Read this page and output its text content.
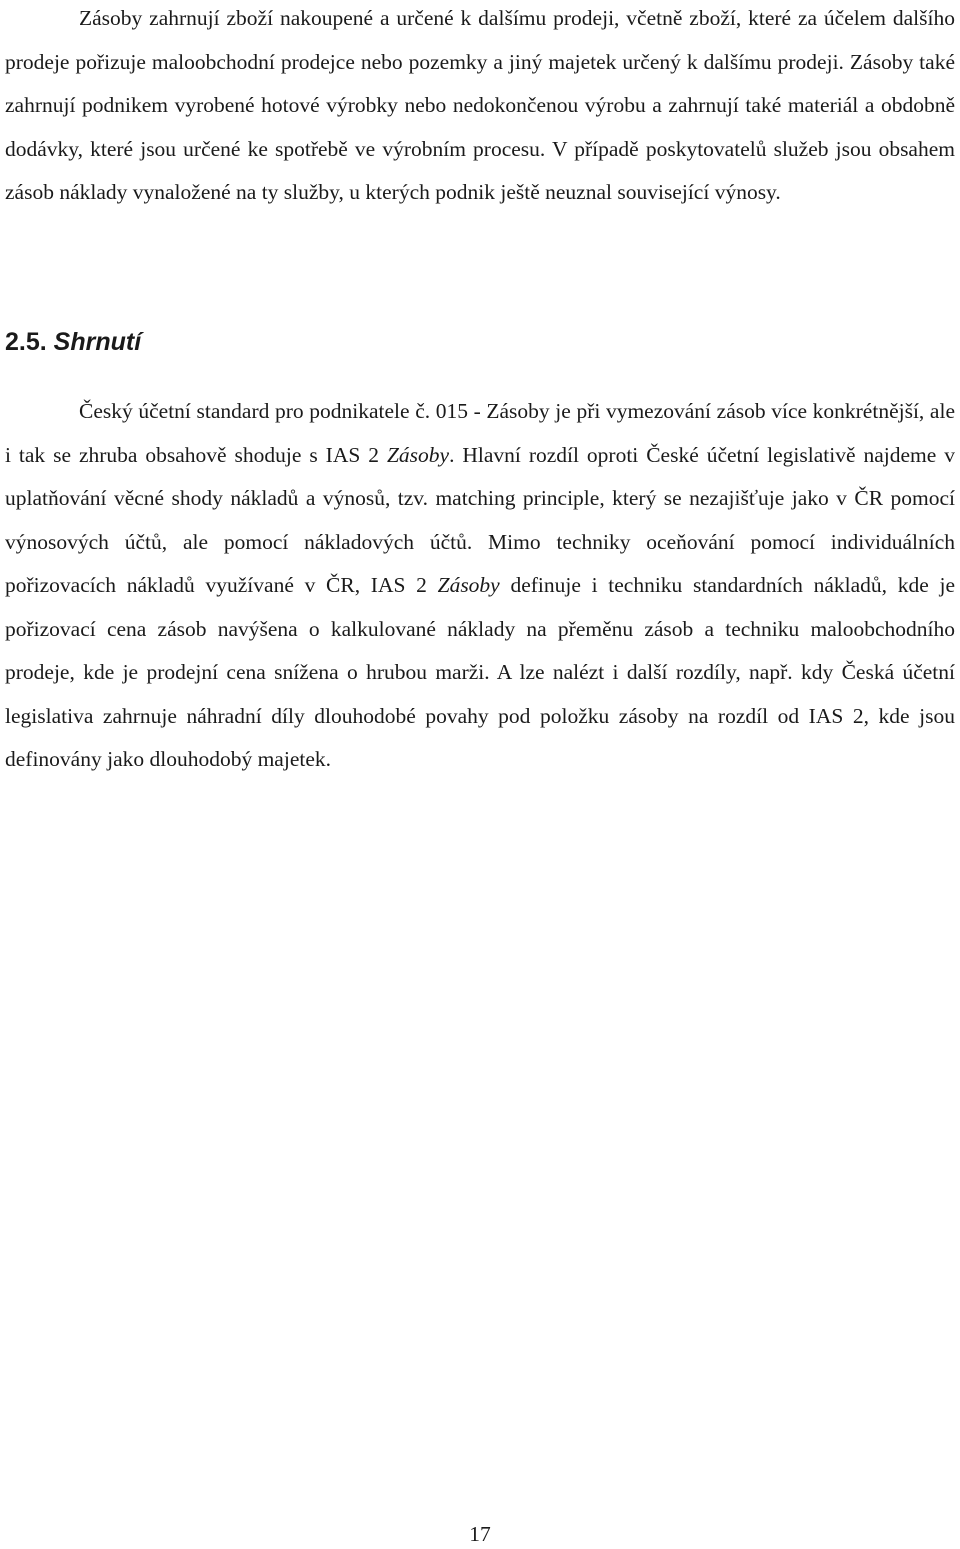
Zásoby zahrnují zboží nakoupené a určené k dalšímu prodeji, včetně zboží, které za účelem dalšího prodeje pořizuje maloobchodní prodejce nebo pozemky a jiný majetek určený k dalšímu prodeji. Zásoby také zahrnují podnikem vyrobené hotové výrobky nebo nedokončenou výrobu a zahrnují také materiál a obdobně dodávky, které jsou určené ke spotřebě ve výrobním procesu. V případě poskytovatelů služeb jsou obsahem zásob náklady vynaložené na ty služby, u kterých podnik ještě neuznal související výnosy.

2.5. Shrnutí

Český účetní standard pro podnikatele č. 015 - Zásoby je při vymezování zásob více konkrétnější, ale i tak se zhruba obsahově shoduje s IAS 2 Zásoby. Hlavní rozdíl oproti České účetní legislativě najdeme v uplatňování věcné shody nákladů a výnosů, tzv. matching principle, který se nezajišťuje jako v ČR pomocí výnosových účtů, ale pomocí nákladových účtů. Mimo techniky oceňování pomocí individuálních pořizovacích nákladů využívané v ČR, IAS 2 Zásoby definuje i techniku standardních nákladů, kde je pořizovací cena zásob navýšena o kalkulované náklady na přeměnu zásob a techniku maloobchodního prodeje, kde je prodejní cena snížena o hrubou marži. A lze nalézt i další rozdíly, např. kdy Česká účetní legislativa zahrnuje náhradní díly dlouhodobé povahy pod položku zásoby na rozdíl od IAS 2, kde jsou definovány jako dlouhodobý majetek.

17
